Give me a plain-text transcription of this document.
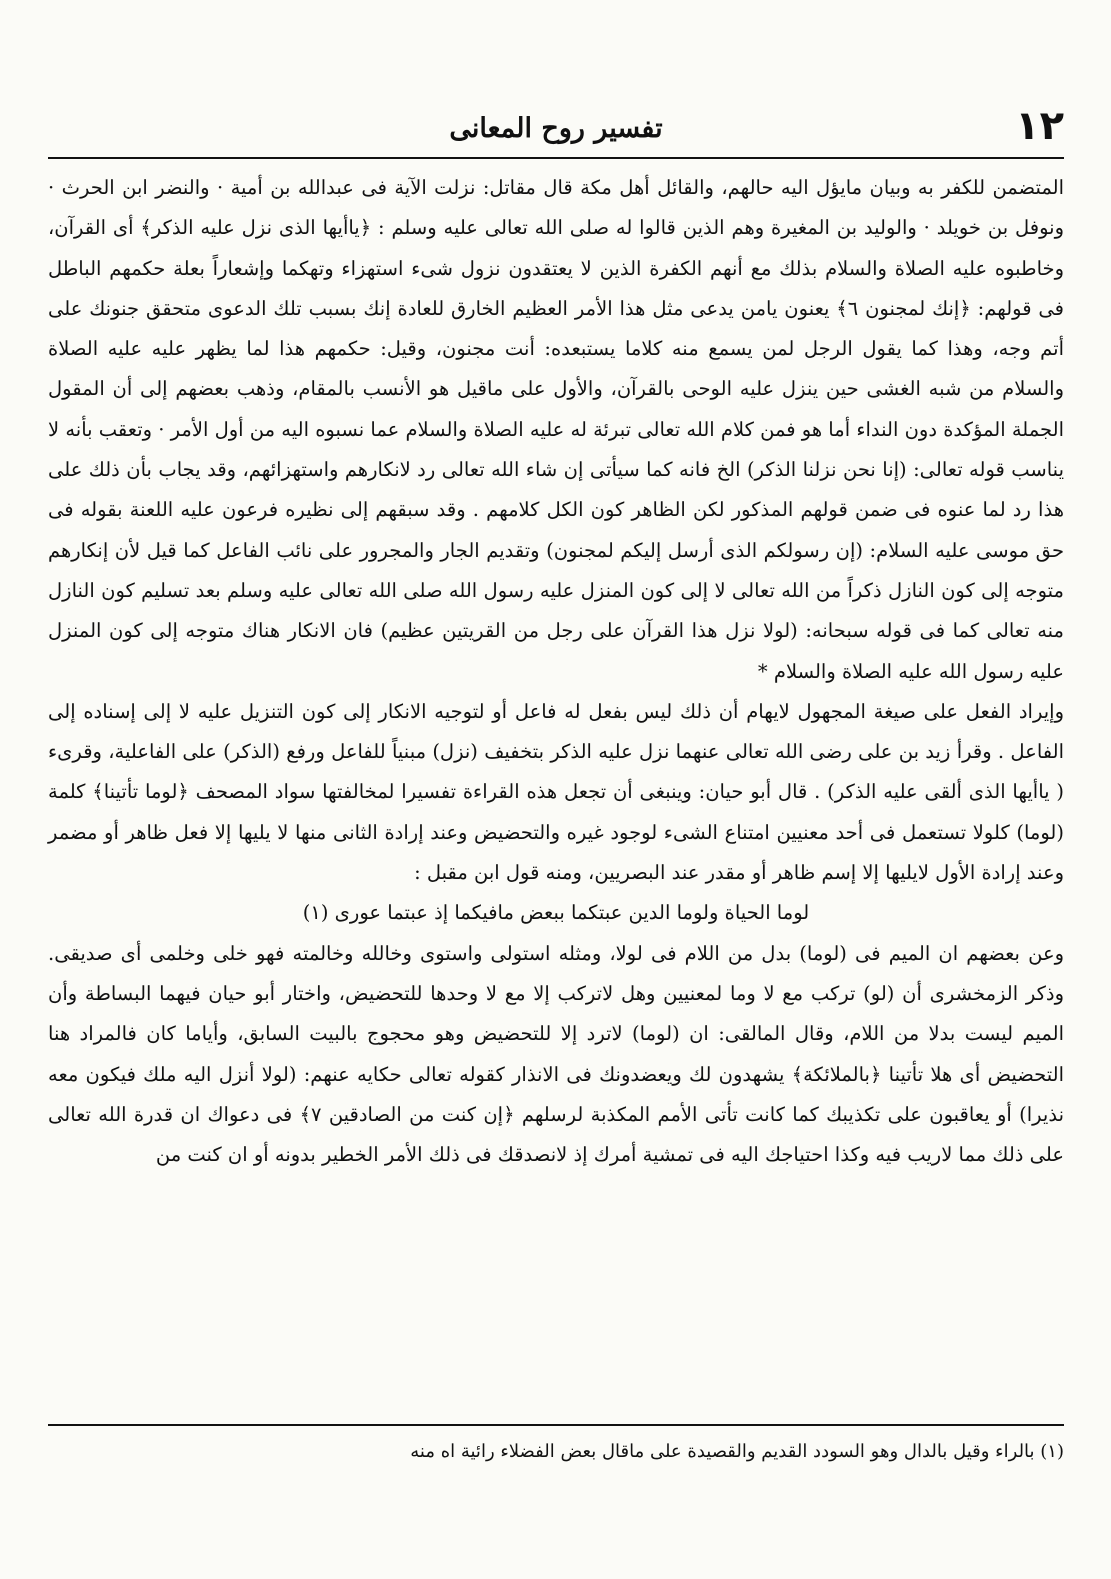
١٢
تفسير روح المعانى

المتضمن للكفر به وبيان مايؤل اليه حالهم، والقائل أهل مكة قال مقاتل: نزلت الآية فى عبدالله بن أمية · والنضر ابن الحرث · ونوفل بن خويلد · والوليد بن المغيرة وهم الذين قالوا له صلى الله تعالى عليه وسلم : ﴿ياأيها الذى نزل عليه الذكر﴾ أى القرآن، وخاطبوه عليه الصلاة والسلام بذلك مع أنهم الكفرة الذين لا يعتقدون نزول شىء استهزاء وتهكما وإشعاراً بعلة حكمهم الباطل فى قولهم: ﴿إنك لمجنون ٦﴾ يعنون يامن يدعى مثل هذا الأمر العظيم الخارق للعادة إنك بسبب تلك الدعوى متحقق جنونك على أتم وجه، وهذا كما يقول الرجل لمن يسمع منه كلاما يستبعده: أنت مجنون، وقيل: حكمهم هذا لما يظهر عليه عليه الصلاة والسلام من شبه الغشى حين ينزل عليه الوحى بالقرآن، والأول على ماقيل هو الأنسب بالمقام، وذهب بعضهم إلى أن المقول الجملة المؤكدة دون النداء أما هو فمن كلام الله تعالى تبرئة له عليه الصلاة والسلام عما نسبوه اليه من أول الأمر · وتعقب بأنه لا يناسب قوله تعالى: (إنا نحن نزلنا الذكر) الخ فانه كما سيأتى إن شاء الله تعالى رد لانكارهم واستهزائهم، وقد يجاب بأن ذلك على هذا رد لما عنوه فى ضمن قولهم المذكور لكن الظاهر كون الكل كلامهم . وقد سبقهم إلى نظيره فرعون عليه اللعنة بقوله فى حق موسى عليه السلام: (إن رسولكم الذى أرسل إليكم لمجنون) وتقديم الجار والمجرور على نائب الفاعل كما قيل لأن إنكارهم متوجه إلى كون النازل ذكراً من الله تعالى لا إلى كون المنزل عليه رسول الله صلى الله تعالى عليه وسلم بعد تسليم كون النازل منه تعالى كما فى قوله سبحانه: (لولا نزل هذا القرآن على رجل من القريتين عظيم) فان الانكار هناك متوجه إلى كون المنزل عليه رسول الله عليه الصلاة والسلام *

وإيراد الفعل على صيغة المجهول لايهام أن ذلك ليس بفعل له فاعل أو لتوجيه الانكار إلى كون التنزيل عليه لا إلى إسناده إلى الفاعل . وقرأ زيد بن على رضى الله تعالى عنهما نزل عليه الذكر بتخفيف (نزل) مبنياً للفاعل ورفع (الذكر) على الفاعلية، وقرىء ( ياأيها الذى ألقى عليه الذكر) . قال أبو حيان: وينبغى أن تجعل هذه القراءة تفسيرا لمخالفتها سواد المصحف ﴿لوما تأتينا﴾ كلمة (لوما) كلولا تستعمل فى أحد معنيين امتناع الشىء لوجود غيره والتحضيض وعند إرادة الثانى منها لا يليها إلا فعل ظاهر أو مضمر وعند إرادة الأول لايليها إلا إسم ظاهر أو مقدر عند البصريين، ومنه قول ابن مقبل :

لوما الحياة ولوما الدين عبتكما ببعض مافيكما إذ عبتما عورى (١)

وعن بعضهم ان الميم فى (لوما) بدل من اللام فى لولا، ومثله استولى واستوى وخالله وخالمته فهو خلى وخلمى أى صديقى. وذكر الزمخشرى أن (لو) تركب مع لا وما لمعنيين وهل لاتركب إلا مع لا وحدها للتحضيض، واختار أبو حيان فيهما البساطة وأن الميم ليست بدلا من اللام، وقال المالقى: ان (لوما) لاترد إلا للتحضيض وهو محجوج بالبيت السابق، وأياما كان فالمراد هنا التحضيض أى هلا تأتينا ﴿بالملائكة﴾ يشهدون لك ويعضدونك فى الانذار كقوله تعالى حكايه عنهم: (لولا أنزل اليه ملك فيكون معه نذيرا) أو يعاقبون على تكذيبك كما كانت تأتى الأمم المكذبة لرسلهم ﴿إن كنت من الصادقين ٧﴾ فى دعواك ان قدرة الله تعالى على ذلك مما لاريب فيه وكذا احتياجك اليه فى تمشية أمرك إذ لانصدقك فى ذلك الأمر الخطير بدونه أو ان كنت من

(١) بالراء وقيل بالدال وهو السودد القديم والقصيدة على ماقال بعض الفضلاء رائية اه منه
